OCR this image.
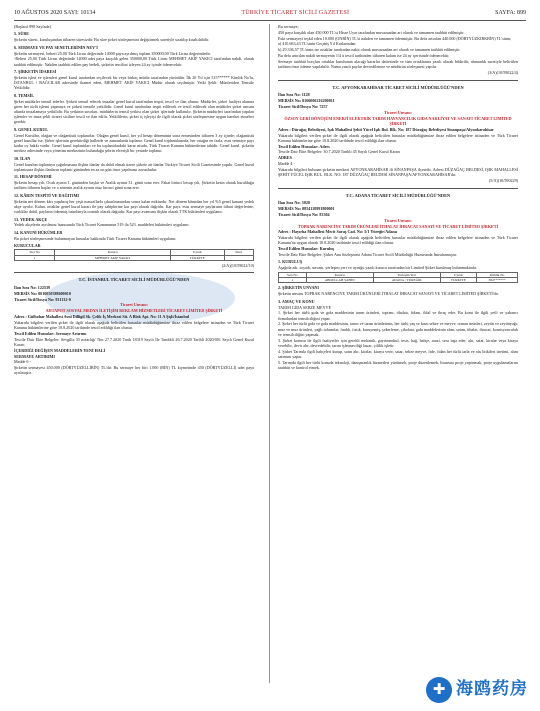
10 AĞUSTOS 2020 SAYI: 10134	TÜRKİYE TİCARET SİCİLİ GAZETESİ	SAYFA: 899

(Başlarıl 898 Sayfada)

5. SÜRE

Şirketin süresi, kuruluşundan itibaren süresizdir. Bu süre şirket sözleşmesini değiştirmek suretiyle uzatılıp kısaltılabilir.

6. SERMAYE VE PAY SENETLERİNİN NEV'İ

Şirketin sermayesi, beheri 25,00 Türk Lirası değerinde 14000 paya ayrılmış toplam 350000,00 Türk Lirası değerindedir.

-Beheri 25,00 Türk Lirası değerinde 14000 adet paya karşılık gelen 350000,00 Türk Lirası MEHMET AKİF YAKICI tarafından nakdi, olarak taahhüt edilmiştir. Nakden taahhüt edilen pay bedeli, şirketin tescilini izleyen 24 ay içinde ödenecektir.

7. ŞİRKETİN İDARESİ

Şirketin işleri ve işlemleri genel kurul tarafından seçilecek bir veya birkaç müdür tarafından yürütülür. İlk 20 Yıl için 515****** Kimlik No'lu, İSTANBUL / BAĞCILAR adresinde ikamet eden, MEHMET AKİF YAKICI Müdür olarak seçilmiştir. Yetki Şekli: Münferiden Temsile Yetkilidir.

8. TEMSİL

Şirket müdürler temsil ederler. Şirketi temsil edecek imzalar genel kurul tarafından tespit, tescil ve ilan olunur. Müdürler, şirket faaliyet alanına giren her türlü işlemi yapmaya ve şirketi temsile yetkilidir. Genel kurul tarafından tespit edilecek ve tescil edilecek olan müdürler şirket unvanı altında imzalamaya yetkilidir. Bu yetkinin sınırları, müdürlerin temsil yetkisi olan şirket işlerinde kullanılır. Şirketin müdürleri tarafından yapılan işlemler ve imza şekli ticaret siciline tescil ve ilan edilir. Yetkililerin, şirket iç işleyişi ile ilgili olarak şirket sözleşmesine uygun hareket etmeleri gerekir.

9. GENEL KURUL

Genel Kurullar, olağan ve olağanüstü toplanırlar. Olağan genel kurul, her yıl hesap döneminin sona ermesinden itibaren 3 ay içinde; olağanüstü genel kurullar ise, Şirket işlerinin gerektirdiği hallerde ve zamanlarda toplanır. Genel kurul toplantılarında, her ortağın en fazla, esas sermaye payı kadar oy hakkı vardır. Genel kurul toplantıları ve bu toplantılardaki karar nisabı, Türk Ticaret Kanunu hükümlerine tabidir. Genel kurul, şirketin merkez adresinde veya yönetim merkezinin bulunduğu şehrin elverişli bir yerinde toplanır.

10. İLAN

Genel kurulun toplantıya çağrılmasına ilişkin ilanlar da dahil olmak üzere şirkete ait ilanlar Türkiye Ticaret Sicili Gazetesinde yapılır. Genel kurul toplantısına ilişkin ilanların toplantı gününden en az on gün önce yapılması zorunludur.

11. HESAP DÖNEMİ

Şirketin hesap yılı, Ocak ayının 1. gününden başlar ve Aralık ayının 31. günü sona erer. Fakat birinci hesap yılı, Şirketin kesin olarak kurulduğu tarihten itibaren başlar ve o senenin aralık ayının otuz birinci günü sona erer.

12. KÂRIN TESPİTİ VE DAĞITIMI

Şirketin net dönem kârı yapılmış her çeşit masraflarla çıkarılmasından sonra kalan miktardır. Net dönem kârından her yıl %5 genel kanuni yedek akçe ayrılır. Kalan, ortaklar genel kurul kararı ile pay sahiplerine kar payı olarak dağıtılır. Kar payı, esas sermaye paylarının itibari değerlerine, varlıklar dahil, payların ödenmiş tutarlarıyla orantılı olarak dağıtılır. Kar payı avansına ilişkin olarak TTK hükümleri uygulanır.

13. YEDEK AKÇE

Yedek akçelerin ayrılması hususunda Türk Ticaret Kanununun 519 ila 523. maddeleri hükümleri uygulanır.

14. KANUNİ HÜKÜMLER

Bu şirket sözleşmesinde bulunmayan hususlar hakkında Türk Ticaret Kanunu hükümleri uygulanır.

KURUCULAR

Sıra No	Kurucu	Uyruk	İmza
1	MEHMET AKİF YAKICI	TÜRKİYE	

(2/A)(10/59022/10)

T.C. İSTANBUL TİCARET SİCİLİ MÜDÜRLÜĞÜ'NDEN

İlan Sıra No: 122539

MERSİS No: 0010050388600010

Ticaret Sicil/Dosya No: 931132-0

Ticaret Unvanı:

AHTAPOT SOSYAL MEDYA İLETİŞİM REKLAM HİZMETLERİ TİCARET LİMİTED ŞİRKETİ

Adres : Gülbahar Mahallesi Avni Dilligil Sk. Çelik İş Merkezi Sit. A Blok Apt. No: 11 A Şişli/İstanbul

Yukarıda bilgileri verilen şirket ile ilgili olarak aşağıda belirtilen hususlar müdürlüğümüze ibraz edilen belgelere istinaden ve Türk Ticaret Kanunu hükümlerine göre 10.8.2020 tarihinde tescil edildiği ilan olunur.

Tescil Edilen Hususlar: Sermaye Artırımı

Tescile Dair Ekte Belgeler: Sevgilla 35 notarlığı' Nın 27.7.2020 Tarih 18319 Sayılı İle Tasdikli 26.7.2020 Tarihli 2020/001 Sayılı Genel Kurul Kararı

İÇERDİĞİ DEĞİŞEN MADDELERİN YENİ HALİ

SERMAYE ARTIRIMI

Madde 6 -

Şirketin sermayesi 450.000 (DÖRTYÜZELLİBİN) TL'dir. Bu sermaye her biri 1.000 (BİN) TL kıymetinde 450 (DÖRTYÜZELLİ) adet paya ayrılmıştır.

Bu sermaye;

450 paya karşılık olan 450.000 TL'si Hisse Uyar tarafından muvazaadan ari olarak ve tamamen taahhüt edilmiştir.

Eski sermayeyi teşkil eden 10.000 (ONBİN) TL'si nakden ve tamamen ödenmiştir. Bu defa artırılan 440.000 (DÖRTYÜZKIRKBİN) TL'sinin;

a) 410.663,43 TL'sinin Geçmiş Yıl Karlarından

b) 29.336,57 TL'sinin ise ortaklar tarafından nakit olarak muvazaadan ari olarak ve tamamen taahhüt edilmiştir.

Bu defa artırılan nakdi sermayenin 1/4 ü tescil tarihinden itibaren kalanı ise 24 ay içerisinde ödenecektir.

Sermaye taahhüt borçları ortaklar kurulunun alacağı kararlar dairesinde ve tüm ortaklarına yazılı olarak bildirilir, ahmanlık suretiyle belirtilen tarihten önce ödeme yapılabilir. Nama yazılı paylar devredilemez ve müdürün sözleşmesi yapılır.

(3/A)(10/59022/4)

T.C. AFYONKARAHİSAR TİCARET SİCİLİ MÜDÜRLÜĞÜ'NDEN

İlan Sıra No: 1128

MERSİS No: 0166006216200011

Ticaret Sicil/Dosya No: 7257

Ticaret Unvanı:

ÖZSOY GERİ DÖNÜŞÜM ENERJİ ELEKTRİK TARIM HAYVANCILIK GIDA NAKLİYAT VE SANAYİ TİCARET LİMİTED ŞİRKETİ

Adres : Dürağaç Belediyesi, Işık Mahallesi Şehit Yücel Işık Bul. Blk. No: 187 Dürağaç Belediyesi Sinanpaşa/Afyonkarahisar

Yukarıda bilgileri verilen şirket ile ilgili olarak aşağıda belirtilen hususlar müdürlüğümüze ibraz edilen belgelere istinaden ve Türk Ticaret Kanunu hükümlerine göre 10.8.2020 tarihinde tescil edildiği ilan olunur.

Tescil Edilen Hususlar: Adres

Tescile Dair Ekte Belgeler: 30.7.2020 Tarihli 45 Sayılı Genel Kurul Kararı

ADRES

Madde 4 -

Yukarıda bilgileri bulunan şirketin merkezi AFYONKARAHİSAR ili SİNANPAŞA ilçesidir. Adresi DÜZAĞAÇ BELDESİ, IŞIK MAHALLESİ ŞEHİT YÜCEL IŞIK BUL. BLK. NO: 187 DÜZAĞAÇ BELDESİ SİNANPAŞA/AFYONKARAHİSAR'dır.

(5/A)(10/590229)

T.C. ADANA TİCARET SİCİLİ MÜDÜRLÜĞÜ'NDEN

İlan Sıra No: 5020

MERSİS No: 0854118991800001

Ticaret Sicil/Dosya No: 83304

Ticaret Unvanı:

TOPRAK NARENCİYE TARIM ÜRÜNLERİ İTHALAT İHRACAT SANAYİ VE TİCARET LİMİTED ŞİRKETİ

Adres : Hayırlıa Mahallesi Mecit Savaş Cad. No: 5/1 Yüreğir/Adana

Yukarıda bilgileri verilen şirket ile ilgili olarak aşağıda belirtilen hususlar müdürlüğümüze ibraz edilen belgelere istinaden ve Türk Ticaret Kanunu'na uygun olarak 10.8.2020 tarihinde tescil edildiği ilan olunur.

Tescil Edilen Hususlar: Kuruluş

Tescile Dair Ekte Belgeler: Şirket Ana Sözleşmesi Adana Ticaret Sicili Müdürlüğü Huzurunda İmzalanmıştır.

1. KURULUŞ

Aşağıda adı, soyadı, unvanı, yerleşim yeri ve uyruğu yazılı kurucu tarafından bir Limited Şirket kurulmuş bulunmaktadır.

Sıra No	Kurucu	Yerleşim Yeri	Uyruk	Kimlik No
1	ABDULLAH ŞAHİN	ADANA / YÜREĞİR	TÜRKİYE	384*******

2. ŞİRKETİN UNVANI

Şirketin unvanı TOPRAK NARENCİYE TARIM ÜRÜNLERİ İTHALAT İHRACAT SANAYİ VE TİCARET LİMİTED ŞİRKETİ'dir.

3. AMAÇ VE KONU

TARIM GIDA SEBZE MEYVE

1. Şirket her türlü gıda ve gıda maddesinin tarım ürünleri, toptanı, ithalatı, fidanı, ihlal ve ihraç eder. Bu konu ile ilgili yetli ve yabancı firmalardan temsilciliğini yapar.

2. Şirket her türlü gıda ve gıda maddesinin, tarım ve tarım ürünlerinin, her türlü yaş ve kuru sebze ve meyve, orman ürünleri, zeytin ve zeytinyağı, muz ve muz ürünleri, yağlı tohumlar, fındık, fıstık, kuruyemiş, şekerleme, çikolata, gıda maddelerinin alım, satım, ithalat, ihracat, komisyonculuk ve temsilciliğini yapmak.

3. Şirket konusu ile ilgili faaliyetler için gerekli mekanik, gayrimenkul, tesis, bağ, bahçe, arazi, sera inşa eder, alır, satar, kiralar veya kiraya verebilir, devir alır, devredebilir, tarım işletmeciliği kurar, çiftlik işletir.

4. Şirket Tarımla ilgili bahçeleri kurup, satın alır, kiralar, kiraya verir, satar, sebze meyve, fide, fidan her türlü tarla ve süs bitkileri üretimi, alım satımını yapar.

5. Tarımda ilgili her türlü konuda teknoloji, danışmanlık hizmetleri yürütmek, proje düzenlemek, lisansını proje yaptırmak, proje uygulamalarını taahhüt ve kontrol etmek.

✚ 海鸥药房
